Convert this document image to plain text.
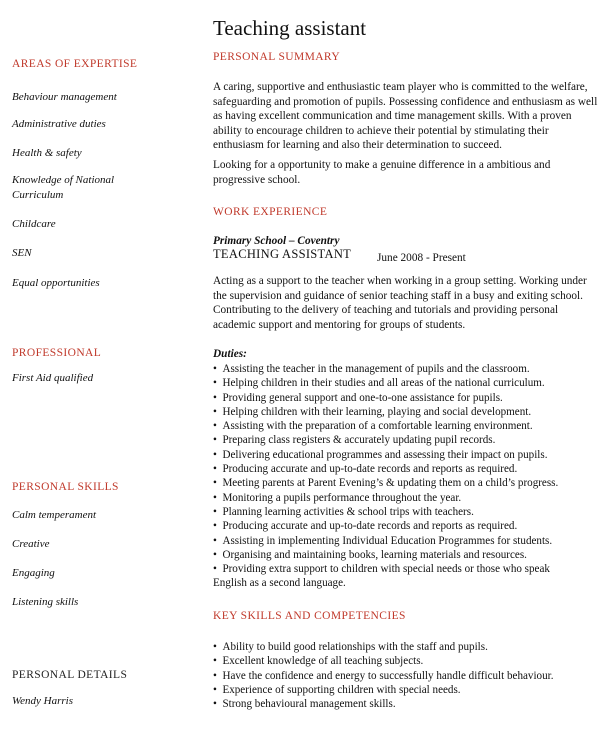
Teaching assistant
AREAS OF EXPERTISE
Behaviour management
Administrative duties
Health & safety
Knowledge of National Curriculum
Childcare
SEN
Equal opportunities
PROFESSIONAL
First Aid qualified
PERSONAL SKILLS
Calm temperament
Creative
Engaging
Listening skills
PERSONAL DETAILS
Wendy Harris
PERSONAL SUMMARY
A caring, supportive and enthusiastic team player who is committed to the welfare, safeguarding and promotion of pupils. Possessing confidence and enthusiasm as well as having excellent communication and time management skills. With a proven ability to encourage children to achieve their potential by stimulating their enthusiasm for learning and also their determination to succeed.
Looking for a opportunity to make a genuine difference in a ambitious and progressive school.
WORK EXPERIENCE
Primary School – Coventry
TEACHING ASSISTANT June 2008 - Present
Acting as a support to the teacher when working in a group setting. Working under the supervision and guidance of senior teaching staff in a busy and exiting school. Contributing to the delivery of teaching and tutorials and providing personal academic support and mentoring for groups of students.
Duties:
•  Assisting the teacher in the management of pupils and the classroom.
•  Helping children in their studies and all areas of the national curriculum.
•  Providing general support and one-to-one assistance for pupils.
•  Helping children with their learning, playing and social development.
•  Assisting with the preparation of a comfortable learning environment.
•  Preparing class registers & accurately updating pupil records.
•  Delivering educational programmes and assessing their impact on pupils.
•  Producing accurate and up-to-date records and reports as required.
•  Meeting parents at Parent Evening’s & updating them on a child’s progress.
•  Monitoring a pupils performance throughout the year.
•  Planning learning activities & school trips with teachers.
•  Producing accurate and up-to-date records and reports as required.
•  Assisting in implementing Individual Education Programmes for students.
•  Organising and maintaining books, learning materials and resources.
•  Providing extra support to children with special needs or those who speak
English as a second language.
KEY SKILLS AND COMPETENCIES
•  Ability to build good relationships with the staff and pupils.
•  Excellent knowledge of all teaching subjects.
•  Have the confidence and energy to successfully handle difficult behaviour.
•  Experience of supporting children with special needs.
•  Strong behavioural management skills.
